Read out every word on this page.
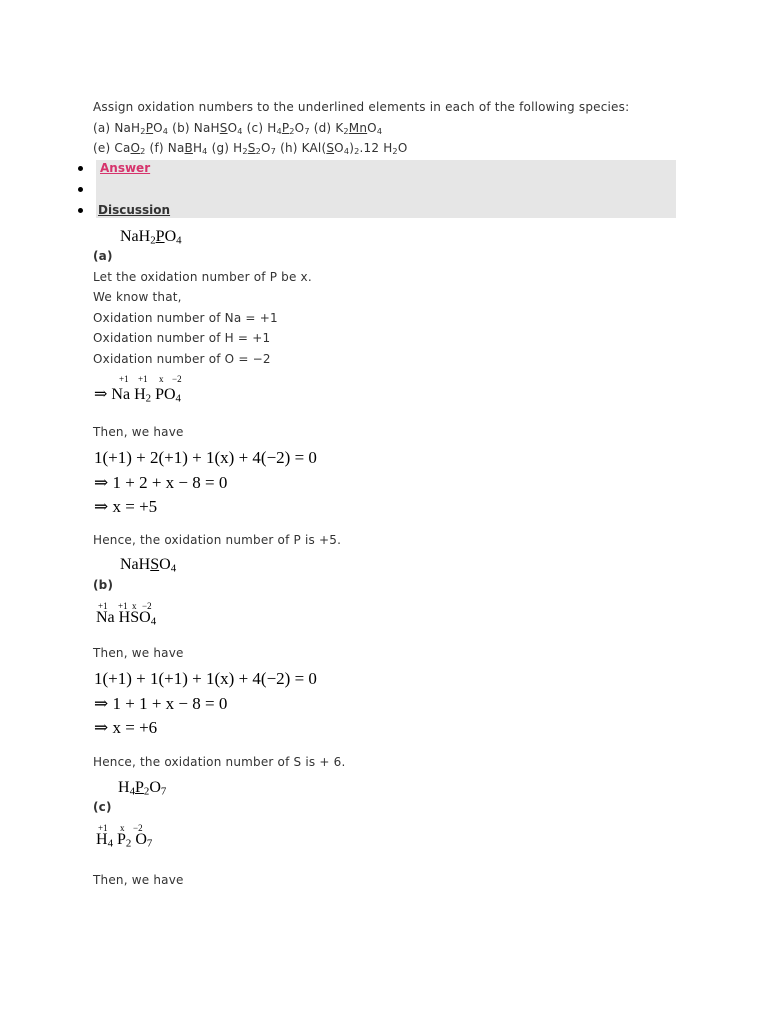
Assign oxidation numbers to the underlined elements in each of the following species:
(a) $NaH_2PO_4$ (b) NaHSO$_4$ (c) $H_4P_2O_7$ (d) $K_2MnO_4$
(e) CaO$_2$ (f) NaBH$_4$ (g) $H_2S_2O_7$ (h) $KAl(SO_4)_2.12$ $H_2O$
Answer
Discussion
$NaH_2PO_4$
(a)
Let the oxidation number of P be x.
We know that,
Oxidation number of Na = +1
Oxidation number of H = +1
Oxidation number of O = −2
+1 +1 x −2
⇒ Na $H_2$ $PO_4$
Then, we have
1(+1) + 2(+1) + 1(x) + 4(−2) = 0
⇒ 1 + 2 + x − 8 = 0
⇒ x = +5
Hence, the oxidation number of P is +5.
NaHSO$_4$
(b)
+1 +1 x −2
Na $HSO_4$
Then, we have
1(+1) + 1(+1) + 1(x) + 4(−2) = 0
⇒ 1 + 1 + x − 8 = 0
⇒ x = +6
Hence, the oxidation number of S is + 6.
$H_4P_2O_7$
(c)
+1 x −2
$H_4$ $P_2$ $O_7$
Then, we have
